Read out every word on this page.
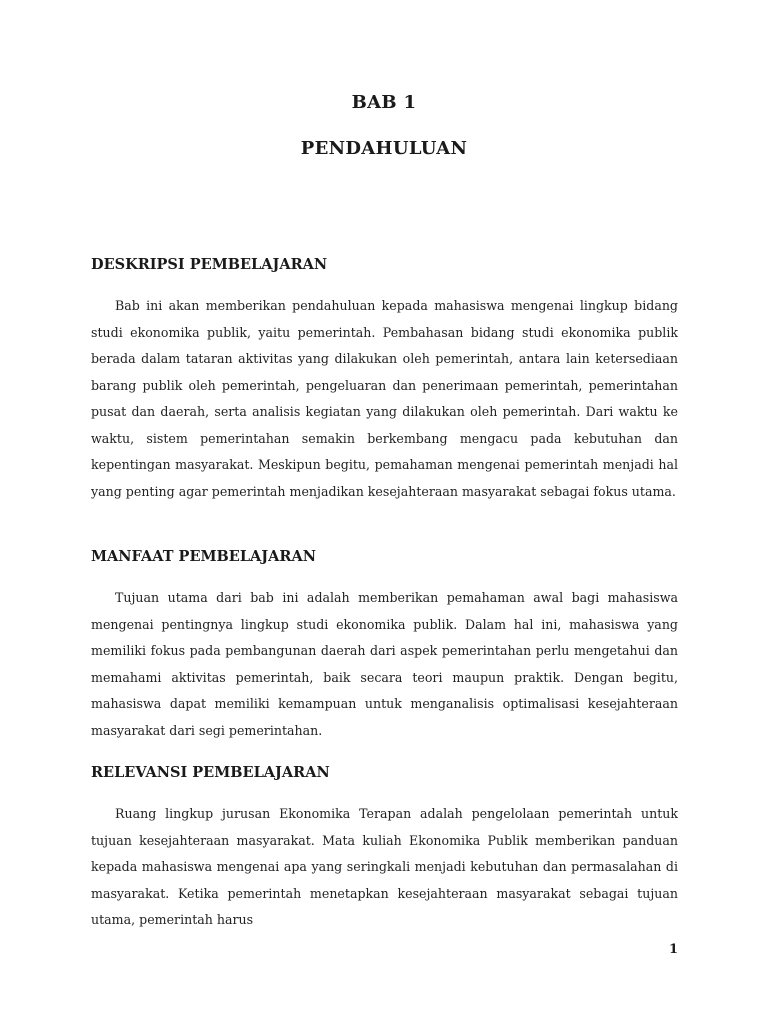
BAB 1
PENDAHULUAN
DESKRIPSI PEMBELAJARAN

Bab ini akan memberikan pendahuluan kepada mahasiswa mengenai lingkup bidang studi ekonomika publik, yaitu pemerintah. Pembahasan bidang studi ekonomika publik berada dalam tataran aktivitas yang dilakukan oleh pemerintah, antara lain ketersediaan barang publik oleh pemerintah, pengeluaran dan penerimaan pemerintah, pemerintahan pusat dan daerah, serta analisis kegiatan yang dilakukan oleh pemerintah. Dari waktu ke waktu, sistem pemerintahan semakin berkembang mengacu pada kebutuhan dan kepentingan masyarakat. Meskipun begitu, pemahaman mengenai pemerintah menjadi hal yang penting agar pemerintah menjadikan kesejahteraan masyarakat sebagai fokus utama.

MANFAAT PEMBELAJARAN

Tujuan utama dari bab ini adalah memberikan pemahaman awal bagi mahasiswa mengenai pentingnya lingkup studi ekonomika publik. Dalam hal ini, mahasiswa yang memiliki fokus pada pembangunan daerah dari aspek pemerintahan perlu mengetahui dan memahami aktivitas pemerintah, baik secara teori maupun praktik. Dengan begitu, mahasiswa dapat memiliki kemampuan untuk menganalisis optimalisasi kesejahteraan masyarakat dari segi pemerintahan.

RELEVANSI PEMBELAJARAN

Ruang lingkup jurusan Ekonomika Terapan adalah pengelolaan pemerintah untuk tujuan kesejahteraan masyarakat. Mata kuliah Ekonomika Publik memberikan panduan kepada mahasiswa mengenai apa yang seringkali menjadi kebutuhan dan permasalahan di masyarakat. Ketika pemerintah menetapkan kesejahteraan masyarakat sebagai tujuan utama, pemerintah harus

1
